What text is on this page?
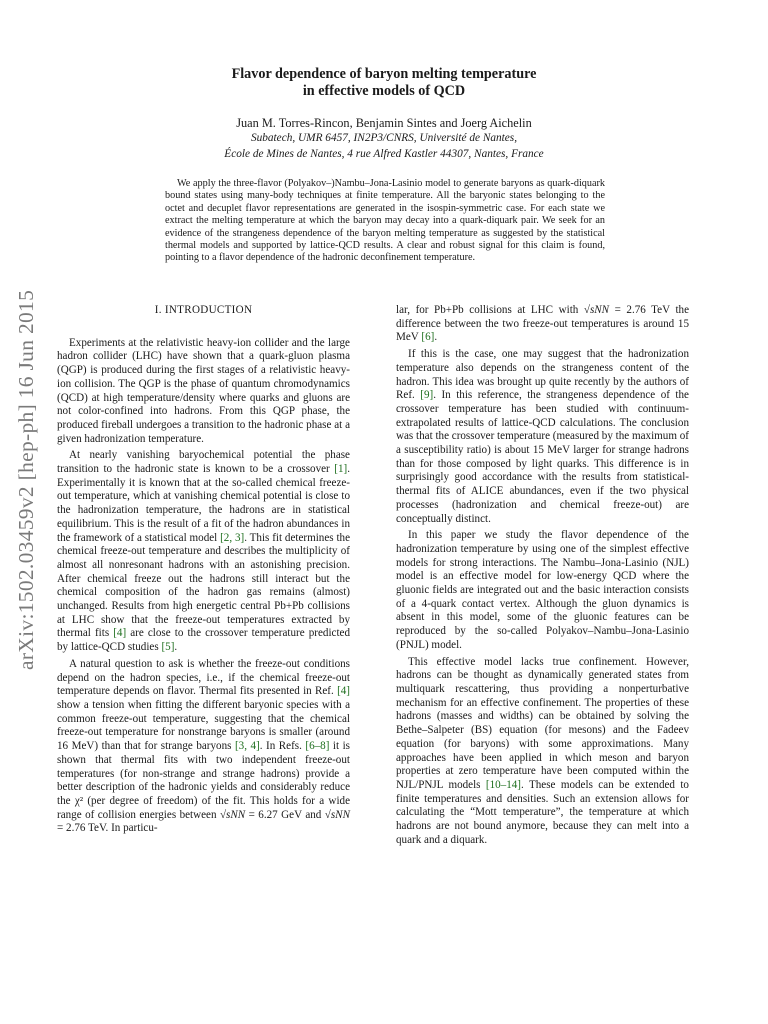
arXiv:1502.03459v2 [hep-ph] 16 Jun 2015
Flavor dependence of baryon melting temperature
in effective models of QCD
Juan M. Torres-Rincon, Benjamin Sintes and Joerg Aichelin
Subatech, UMR 6457, IN2P3/CNRS, Université de Nantes,
École de Mines de Nantes, 4 rue Alfred Kastler 44307, Nantes, France
We apply the three-flavor (Polyakov–)Nambu–Jona-Lasinio model to generate baryons as quark-diquark bound states using many-body techniques at finite temperature. All the baryonic states belonging to the octet and decuplet flavor representations are generated in the isospin-symmetric case. For each state we extract the melting temperature at which the baryon may decay into a quark-diquark pair. We seek for an evidence of the strangeness dependence of the baryon melting temperature as suggested by the statistical thermal models and supported by lattice-QCD results. A clear and robust signal for this claim is found, pointing to a flavor dependence of the hadronic deconfinement temperature.
I. INTRODUCTION

Experiments at the relativistic heavy-ion collider and the large hadron collider (LHC) have shown that a quark-gluon plasma (QGP) is produced during the first stages of a relativistic heavy-ion collision. The QGP is the phase of quantum chromodynamics (QCD) at high temperature/density where quarks and gluons are not color-confined into hadrons. From this QGP phase, the produced fireball undergoes a transition to the hadronic phase at a given hadronization temperature.

At nearly vanishing baryochemical potential the phase transition to the hadronic state is known to be a crossover [1]. Experimentally it is known that at the so-called chemical freeze-out temperature, which at vanishing chemical potential is close to the hadronization temperature, the hadrons are in statistical equilibrium. This is the result of a fit of the hadron abundances in the framework of a statistical model [2, 3]. This fit determines the chemical freeze-out temperature and describes the multiplicity of almost all nonresonant hadrons with an astonishing precision. After chemical freeze out the hadrons still interact but the chemical composition of the hadron gas remains (almost) unchanged. Results from high energetic central Pb+Pb collisions at LHC show that the freeze-out temperatures extracted by thermal fits [4] are close to the crossover temperature predicted by lattice-QCD studies [5].

A natural question to ask is whether the freeze-out conditions depend on the hadron species, i.e., if the chemical freeze-out temperature depends on flavor. Thermal fits presented in Ref. [4] show a tension when fitting the different baryonic species with a common freeze-out temperature, suggesting that the chemical freeze-out temperature for nonstrange baryons is smaller (around 16 MeV) than that for strange baryons [3, 4]. In Refs. [6–8] it is shown that thermal fits with two independent freeze-out temperatures (for non-strange and strange hadrons) provide a better description of the hadronic yields and considerably reduce the χ² (per degree of freedom) of the fit. This holds for a wide range of collision energies between √sNN = 6.27 GeV and √sNN = 2.76 TeV. In particu-

lar, for Pb+Pb collisions at LHC with √sNN = 2.76 TeV the difference between the two freeze-out temperatures is around 15 MeV [6].

If this is the case, one may suggest that the hadronization temperature also depends on the strangeness content of the hadron. This idea was brought up quite recently by the authors of Ref. [9]. In this reference, the strangeness dependence of the crossover temperature has been studied with continuum-extrapolated results of lattice-QCD calculations. The conclusion was that the crossover temperature (measured by the maximum of a susceptibility ratio) is about 15 MeV larger for strange hadrons than for those composed by light quarks. This difference is in surprisingly good accordance with the results from statistical-thermal fits of ALICE abundances, even if the two physical processes (hadronization and chemical freeze-out) are conceptually distinct.

In this paper we study the flavor dependence of the hadronization temperature by using one of the simplest effective models for strong interactions. The Nambu–Jona-Lasinio (NJL) model is an effective model for low-energy QCD where the gluonic fields are integrated out and the basic interaction consists of a 4-quark contact vertex. Although the gluon dynamics is absent in this model, some of the gluonic features can be reproduced by the so-called Polyakov–Nambu–Jona-Lasinio (PNJL) model.

This effective model lacks true confinement. However, hadrons can be thought as dynamically generated states from multiquark rescattering, thus providing a nonperturbative mechanism for an effective confinement. The properties of these hadrons (masses and widths) can be obtained by solving the Bethe–Salpeter (BS) equation (for mesons) and the Fadeev equation (for baryons) with some approximations. Many approaches have been applied in which meson and baryon properties at zero temperature have been computed within the NJL/PNJL models [10–14]. These models can be extended to finite temperatures and densities. Such an extension allows for calculating the “Mott temperature”, the temperature at which hadrons are not bound anymore, because they can melt into a quark and a diquark.
